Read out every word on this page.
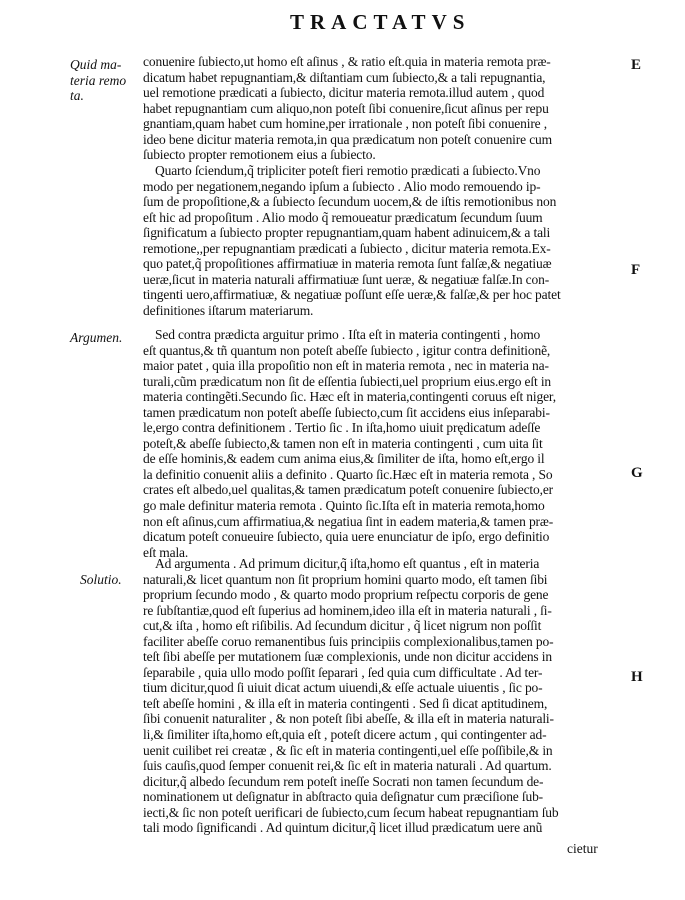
TRACTATVS
Quid ma-
teria remo
ta.
Argumen.
Solutio.
E
F
G
H
conuenire ſubiecto,ut homo eſt aſinus , & ratio eſt.quia in materia remota præ-
dicatum habet repugnantiam,& diſtantiam cum ſubiecto,& a tali repugnantia,
uel remotione prædicati a ſubiecto, dicitur materia remota.illud autem , quod
habet repugnantiam cum aliquo,non poteſt ſibi conuenire,ſicut aſinus per repu
gnantiam,quam habet cum homine,per irrationale , non poteſt ſibi conuenire ,
ideo bene dicitur materia remota,in qua prædicatum non poteſt conuenire cum
ſubiecto propter remotionem eius a ſubiecto.
Quarto ſciendum,q̃ tripliciter poteſt fieri remotio prædicati a ſubiecto.Vno
modo per negationem,negando ipſum a ſubiecto . Alio modo remouendo ip-
ſum de propoſitione,& a ſubiecto ſecundum uocem,& de iſtis remotionibus non
eſt hic ad propoſitum . Alio modo q̃ remoueatur prædicatum ſecundum ſuum
ſignificatum a ſubiecto propter repugnantiam,quam habent adinuicem,& a tali
remotione,,per repugnantiam prædicati a ſubiecto , dicitur materia remota.Ex-
quo patet,q̃ propoſitiones affirmatiuæ in materia remota ſunt falſæ,& negatiuæ
ueræ,ſicut in materia naturali affirmatiuæ ſunt ueræ, & negatiuæ falſæ.In con-
tingenti uero,affirmatiuæ, & negatiuæ poſſunt eſſe ueræ,& falſæ,& per hoc patet
definitiones iſtarum materiarum.
Sed contra prædicta arguitur primo . Iſta eſt in materia contingenti , homo
eſt quantus,& tñ quantum non poteſt abeſſe ſubiecto , igitur contra definitionẽ,
maior patet , quia illa propoſitio non eſt in materia remota , nec in materia na-
turali,cũm prædicatum non ſit de eſſentia ſubiecti,uel proprium eius.ergo eſt in
materia contingẽti.Secundo ſic. Hæc eſt in materia,contingenti coruus eſt niger,
tamen prædicatum non poteſt abeſſe ſubiecto,cum ſit accidens eius inſeparabi-
le,ergo contra definitionem . Tertio ſic . In iſta,homo uiuit prędicatum adeſſe
poteſt,& abeſſe ſubiecto,& tamen non eſt in materia contingenti , cum uita ſit
de eſſe hominis,& eadem cum anima eius,& ſimiliter de iſta, homo eſt,ergo il
la definitio conuenit aliis a definito . Quarto ſic.Hæc eſt in materia remota , So
crates eſt albedo,uel qualitas,& tamen prædicatum poteſt conuenire ſubiecto,er
go male definitur materia remota . Quinto ſic.Iſta eſt in materia remota,homo
non eſt aſinus,cum affirmatiua,& negatiua ſint in eadem materia,& tamen præ-
dicatum poteſt conueuire ſubiecto, quia uere enunciatur de ipſo, ergo definitio
eſt mala.
Ad argumenta . Ad primum dicitur,q̃ iſta,homo eſt quantus , eſt in materia
naturali,& licet quantum non ſit proprium homini quarto modo, eſt tamen ſibi
proprium ſecundo modo , & quarto modo proprium reſpectu corporis de gene
re ſubſtantiæ,quod eſt ſuperius ad hominem,ideo illa eſt in materia naturali , ſi-
cut,& iſta , homo eſt riſibilis. Ad ſecundum dicitur , q̃ licet nigrum non poſſit
faciliter abeſſe coruo remanentibus ſuis principiis complexionalibus,tamen po-
teſt ſibi abeſſe per mutationem ſuæ complexionis, unde non dicitur accidens in
ſeparabile , quia ullo modo poſſit ſeparari , ſed quia cum difficultate . Ad ter-
tium dicitur,quod ſi uiuit dicat actum uiuendi,& eſſe actuale uiuentis , ſic po-
teſt abeſſe homini , & illa eſt in materia contingenti . Sed ſi dicat aptitudinem,
ſibi conuenit naturaliter , & non poteſt ſibi abeſſe, & illa eſt in materia naturali-
li,& ſimiliter iſta,homo eſt,quia eſt , poteſt dicere actum , qui contingenter ad-
uenit cuilibet rei creatæ , & ſic eſt in materia contingenti,uel eſſe poſſibile,& in
ſuis cauſis,quod ſemper conuenit rei,& ſic eſt in materia naturali . Ad quartum.
dicitur,q̃ albedo ſecundum rem poteſt ineſſe Socrati non tamen ſecundum de-
nominationem ut deſignatur in abſtracto quia deſignatur cum præciſione ſub-
iecti,& ſic non poteſt uerificari de ſubiecto,cum ſecum habeat repugnantiam ſub
tali modo ſignificandi . Ad quintum dicitur,q̃ licet illud prædicatum uere anũ
cietur
